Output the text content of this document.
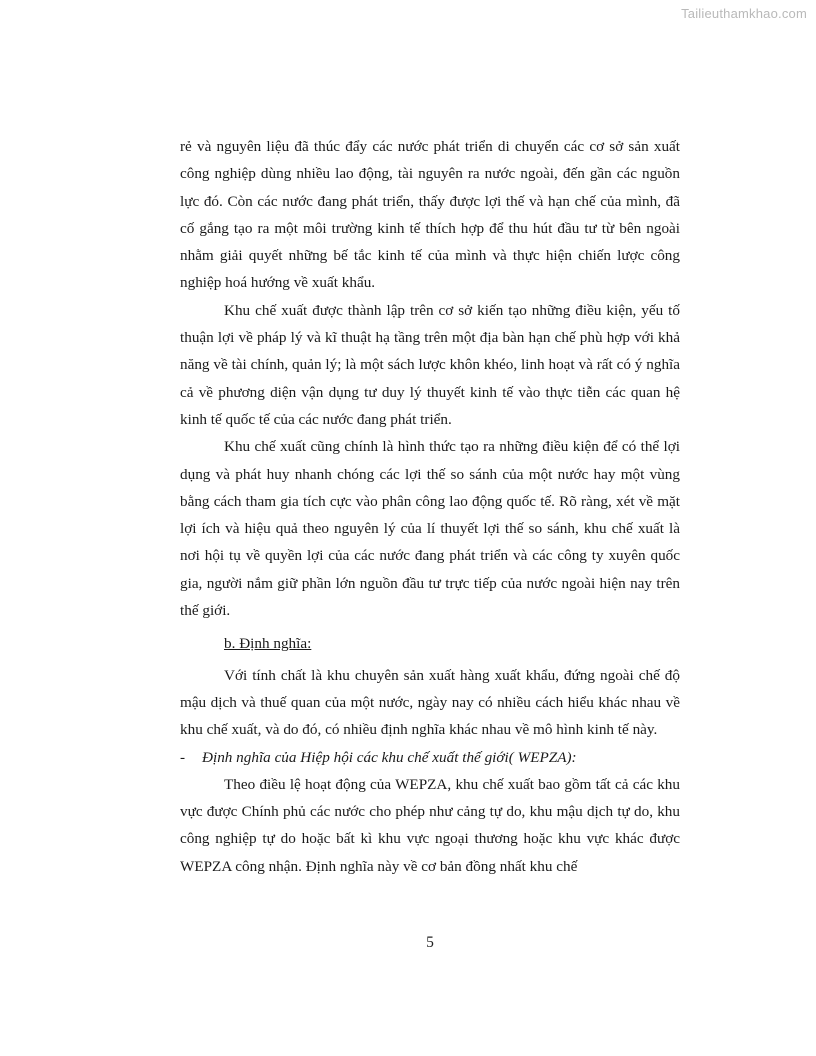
Tailieuthamkhao.com

rẻ và nguyên liệu đã thúc đẩy các nước phát triển di chuyển các cơ sở sản xuất công nghiệp dùng nhiều lao động, tài nguyên ra nước ngoài, đến gần các nguồn lực đó. Còn các nước đang phát triển, thấy được lợi thế và hạn chế của mình, đã cố gắng tạo ra một môi trường kinh tế thích hợp để thu hút đầu tư từ bên ngoài nhằm giải quyết những bế tắc kinh tế của mình và thực hiện chiến lược công nghiệp hoá hướng về xuất khẩu.

Khu chế xuất được thành lập trên cơ sở kiến tạo những điều kiện, yếu tố thuận lợi về pháp lý và kĩ thuật hạ tầng trên một địa bàn hạn chế phù hợp với khả năng về tài chính, quản lý; là một sách lược khôn khéo, linh hoạt và rất có ý nghĩa cả về phương diện vận dụng tư duy lý thuyết kinh tế vào thực tiễn các quan hệ kinh tế quốc tế của các nước đang phát triển.

Khu chế xuất cũng chính là hình thức tạo ra những điều kiện để có thể lợi dụng và phát huy nhanh chóng các lợi thế so sánh của một nước hay một vùng bằng cách tham gia tích cực vào phân công lao động quốc tế. Rõ ràng, xét về mặt lợi ích và hiệu quả theo nguyên lý của lí thuyết lợi thế so sánh, khu chế xuất là nơi hội tụ về quyền lợi của các nước đang phát triển và các công ty xuyên quốc gia, người nắm giữ phần lớn nguồn đầu tư trực tiếp của nước ngoài hiện nay trên thế giới.

b. Định nghĩa:

Với tính chất là khu chuyên sản xuất hàng xuất khẩu, đứng ngoài chế độ mậu dịch và thuế quan của một nước, ngày nay có nhiều cách hiểu khác nhau về khu chế xuất, và do đó, có nhiều định nghĩa khác nhau về mô hình kinh tế này.

- Định nghĩa của Hiệp hội các khu chế xuất thế giới( WEPZA):

Theo điều lệ hoạt động của WEPZA, khu chế xuất bao gồm tất cả các khu vực được Chính phủ các nước cho phép như cảng tự do, khu mậu dịch tự do, khu công nghiệp tự do hoặc bất kì khu vực ngoại thương hoặc khu vực khác được WEPZA công nhận. Định nghĩa này về cơ bản đồng nhất khu chế

5
